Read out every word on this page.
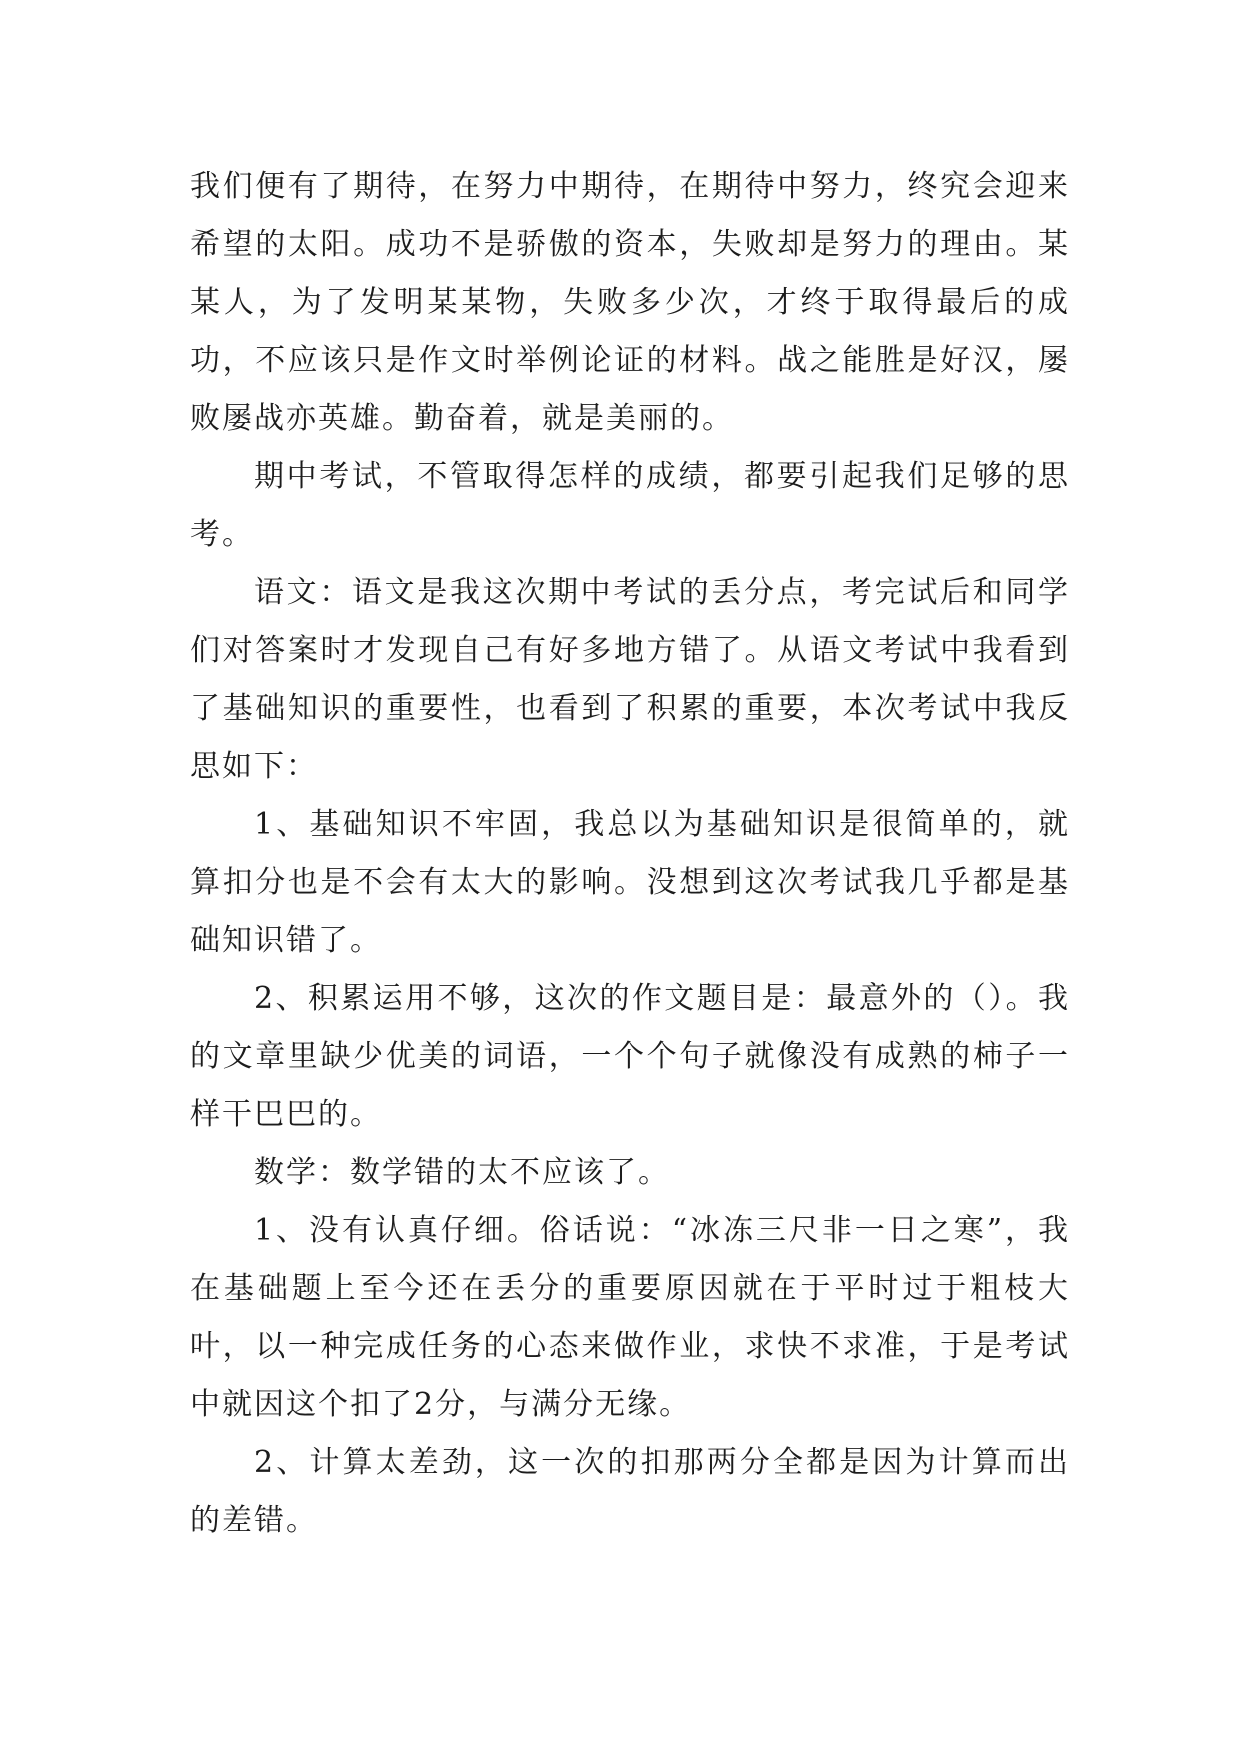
我们便有了期待，在努力中期待，在期待中努力，终究会迎来希望的太阳。成功不是骄傲的资本，失败却是努力的理由。某某人，为了发明某某物，失败多少次，才终于取得最后的成功，不应该只是作文时举例论证的材料。战之能胜是好汉，屡败屡战亦英雄。勤奋着，就是美丽的。

期中考试，不管取得怎样的成绩，都要引起我们足够的思考。

语文：语文是我这次期中考试的丢分点，考完试后和同学们对答案时才发现自己有好多地方错了。从语文考试中我看到了基础知识的重要性，也看到了积累的重要，本次考试中我反思如下：

1、基础知识不牢固，我总以为基础知识是很简单的，就算扣分也是不会有太大的影响。没想到这次考试我几乎都是基础知识错了。

2、积累运用不够，这次的作文题目是：最意外的（）。我的文章里缺少优美的词语，一个个句子就像没有成熟的柿子一样干巴巴的。

数学：数学错的太不应该了。

1、没有认真仔细。俗话说：“冰冻三尺非一日之寒”，我在基础题上至今还在丢分的重要原因就在于平时过于粗枝大叶，以一种完成任务的心态来做作业，求快不求准，于是考试中就因这个扣了2分，与满分无缘。

2、计算太差劲，这一次的扣那两分全都是因为计算而出的差错。
